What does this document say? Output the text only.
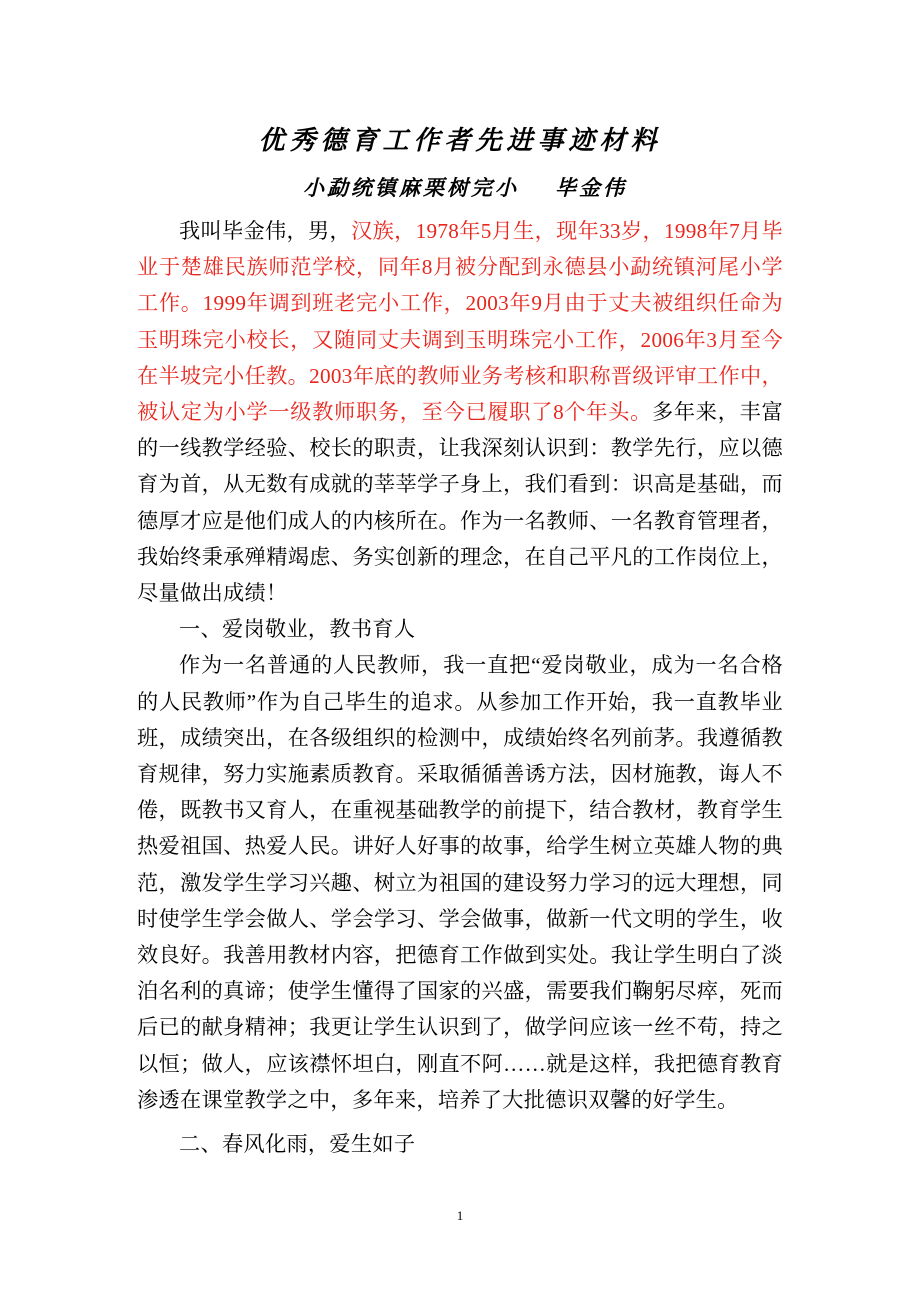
优秀德育工作者先进事迹材料
小勐统镇麻栗树完小 毕金伟

我叫毕金伟，男，汉族，1978年5月生，现年33岁，1998年7月毕业于楚雄民族师范学校，同年8月被分配到永德县小勐统镇河尾小学工作。1999年调到班老完小工作，2003年9月由于丈夫被组织任命为玉明珠完小校长，又随同丈夫调到玉明珠完小工作，2006年3月至今在半坡完小任教。2003年底的教师业务考核和职称晋级评审工作中，被认定为小学一级教师职务，至今已履职了8个年头。多年来，丰富的一线教学经验、校长的职责，让我深刻认识到：教学先行，应以德育为首，从无数有成就的莘莘学子身上，我们看到：识高是基础，而德厚才应是他们成人的内核所在。作为一名教师、一名教育管理者，我始终秉承殚精竭虑、务实创新的理念，在自己平凡的工作岗位上，尽量做出成绩！

一、爱岗敬业，教书育人

作为一名普通的人民教师，我一直把“爱岗敬业，成为一名合格的人民教师”作为自己毕生的追求。从参加工作开始，我一直教毕业班，成绩突出，在各级组织的检测中，成绩始终名列前茅。我遵循教育规律，努力实施素质教育。采取循循善诱方法，因材施教，诲人不倦，既教书又育人，在重视基础教学的前提下，结合教材，教育学生热爱祖国、热爱人民。讲好人好事的故事，给学生树立英雄人物的典范，激发学生学习兴趣、树立为祖国的建设努力学习的远大理想，同时使学生学会做人、学会学习、学会做事，做新一代文明的学生，收效良好。我善用教材内容，把德育工作做到实处。我让学生明白了淡泊名利的真谛；使学生懂得了国家的兴盛，需要我们鞠躬尽瘁，死而后已的献身精神；我更让学生认识到了，做学问应该一丝不苟，持之以恒；做人，应该襟怀坦白，刚直不阿……就是这样，我把德育教育渗透在课堂教学之中，多年来，培养了大批德识双馨的好学生。

二、春风化雨，爱生如子

1
